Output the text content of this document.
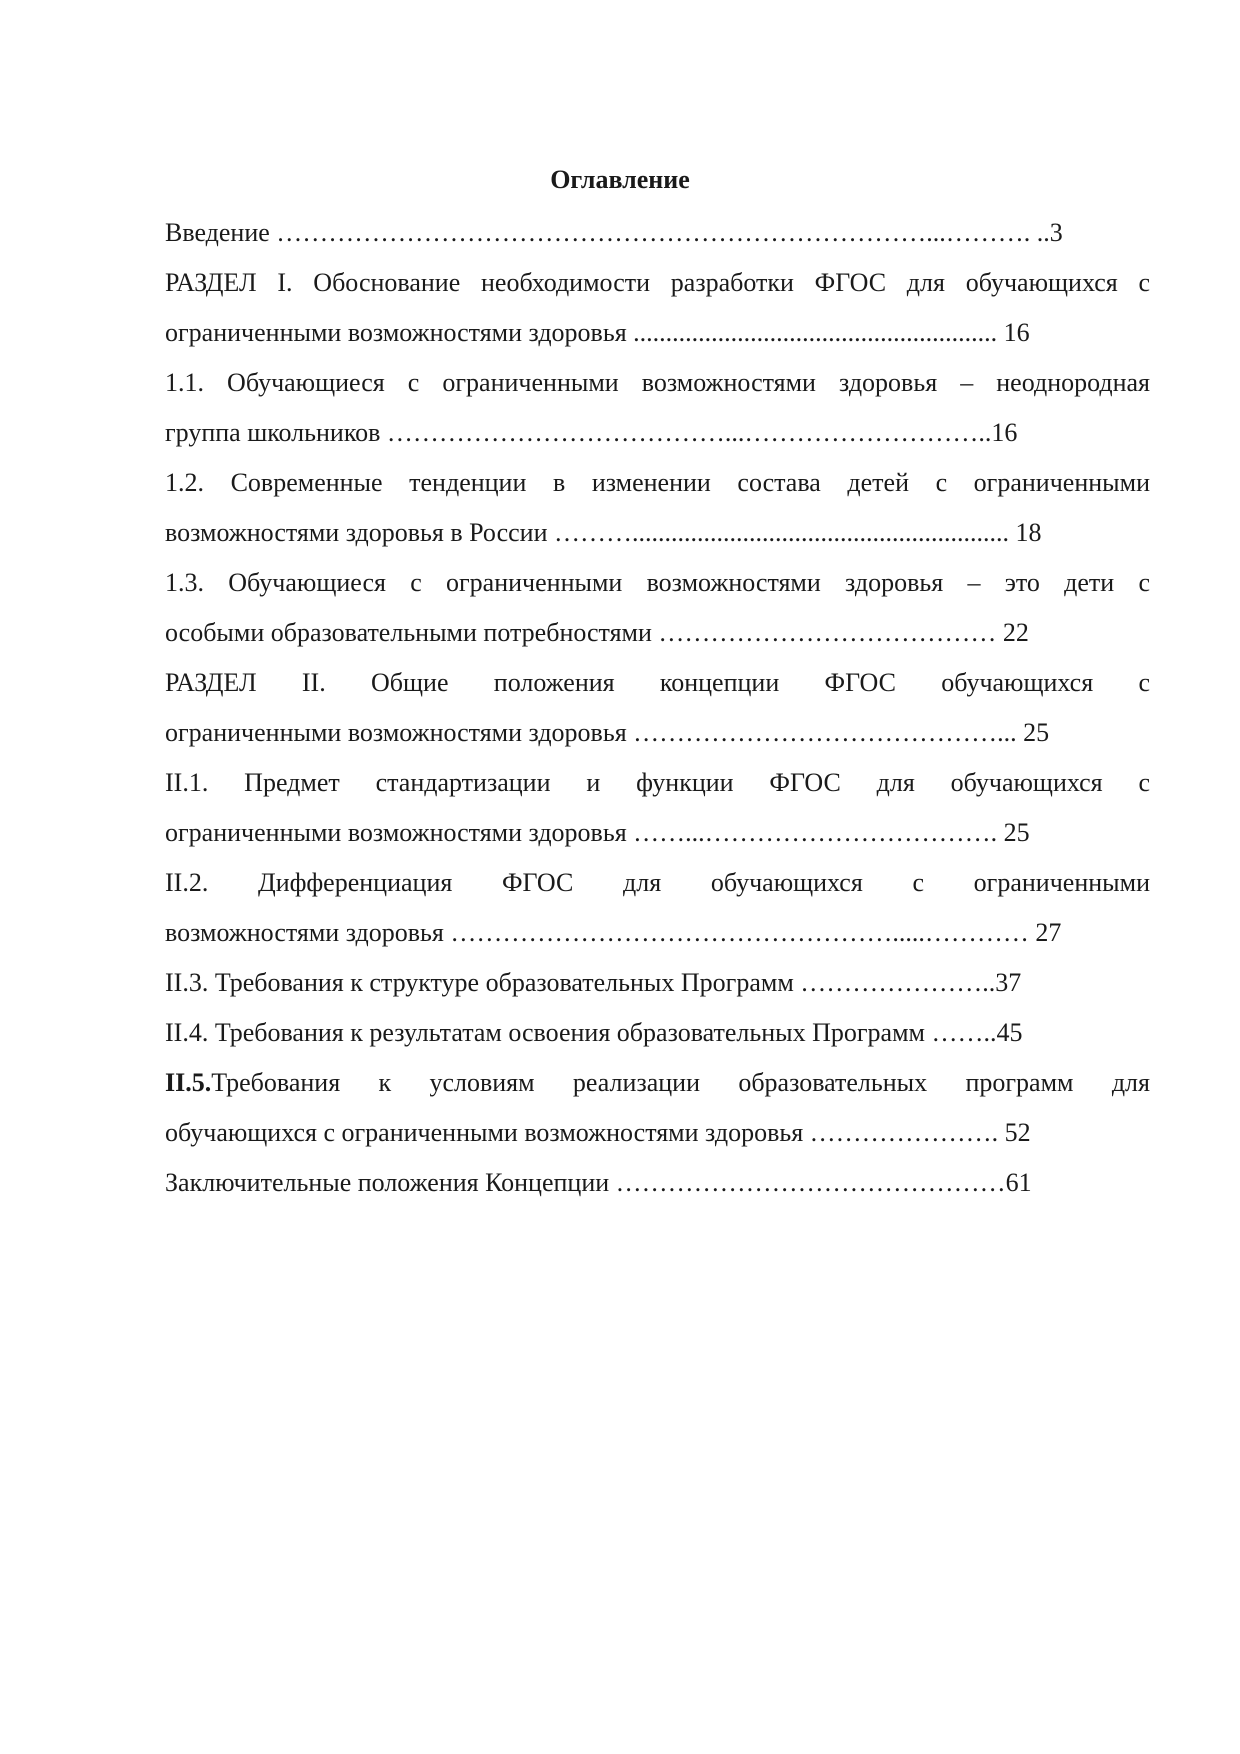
Оглавление
Введение …………………………………………………………………...………. ..3
РАЗДЕЛ I. Обоснование необходимости разработки ФГОС для обучающихся с
ограниченными возможностями здоровья ........................................................ 16
1.1. Обучающиеся с ограниченными возможностями здоровья – неоднородная
группа школьников …………………………………...………………………..16
1.2. Современные тенденции в изменении состава детей с ограниченными
возможностями здоровья в России ……….......................................................... 18
1.3. Обучающиеся с ограниченными возможностями здоровья – это дети с
особыми образовательными потребностями ………………………………… 22
РАЗДЕЛ II. Общие положения концепции ФГОС обучающихся с
ограниченными возможностями здоровья ……………………………………... 25
II.1. Предмет стандартизации и функции ФГОС для обучающихся с
ограниченными возможностями здоровья ……...……………………………. 25
II.2. Дифференциация ФГОС для обучающихся с ограниченными
возможностями здоровья …………………………………………….....………… 27
II.3. Требования к структуре образовательных Программ …………………..37
II.4. Требования к результатам освоения образовательных Программ ……..45
II.5.Требования к условиям реализации образовательных программ для
обучающихся с ограниченными возможностями здоровья …………………. 52
Заключительные положения Концепции ………………………………………61
